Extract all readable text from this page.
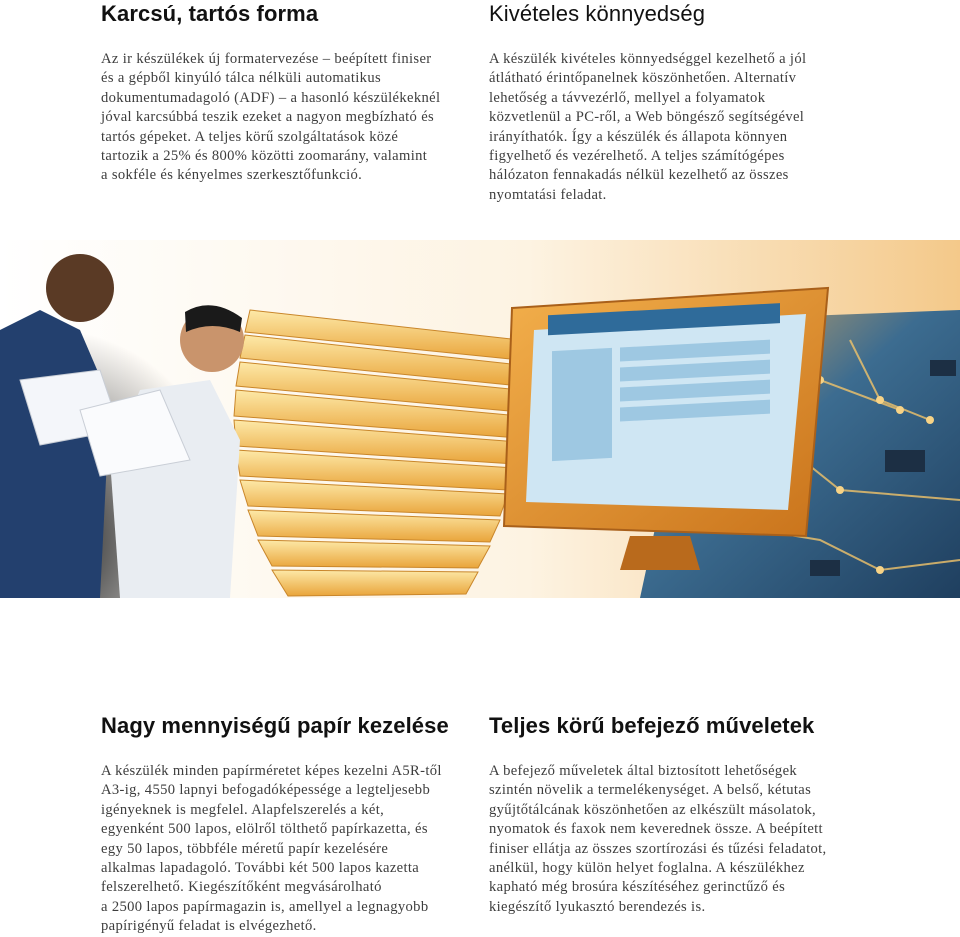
Karcsú, tartós forma

Az ir készülékek új formatervezése – beépített finiser
és a gépből kinyúló tálca nélküli automatikus
dokumentumadagoló (ADF) – a hasonló készülékeknél
jóval karcsúbbá teszik ezeket a nagyon megbízható és
tartós gépeket. A teljes körű szolgáltatások közé
tartozik a 25% és 800% közötti zoomarány, valamint
a sokféle és kényelmes szerkesztőfunkció.

Kivételes könnyedség

A készülék kivételes könnyedséggel kezelhető a jól
átlátható érintőpanelnek köszönhetően. Alternatív
lehetőség a távvezérlő, mellyel a folyamatok
közvetlenül a PC-ről, a Web böngésző segítségével
irányíthatók. Így a készülék és állapota könnyen
figyelhető és vezérelhető. A teljes számítógépes
hálózaton fennakadás nélkül kezelhető az összes
nyomtatási feladat.

Nagy mennyiségű papír kezelése

A készülék minden papírméretet képes kezelni A5R-től
A3-ig, 4550 lapnyi befogadóképessége a legteljesebb
igényeknek is megfelel. Alapfelszerelés a két,
egyenként 500 lapos, elölről tölthető papírkazetta, és
egy 50 lapos, többféle méretű papír kezelésére
alkalmas lapadagoló. További két 500 lapos kazetta
felszerelhető. Kiegészítőként megvásárolható
a 2500 lapos papírmagazin is, amellyel a legnagyobb
papírigényű feladat is elvégezhető.

Teljes körű befejező műveletek

A befejező műveletek által biztosított lehetőségek
szintén növelik a termelékenységet. A belső, kétutas
gyűjtőtálcának köszönhetően az elkészült másolatok,
nyomatok és faxok nem keverednek össze. A beépített
finiser ellátja az összes szortírozási és tűzési feladatot,
anélkül, hogy külön helyet foglalna. A készülékhez
kapható még brosúra készítéséhez gerinctűző és
kiegészítő lyukasztó berendezés is.
